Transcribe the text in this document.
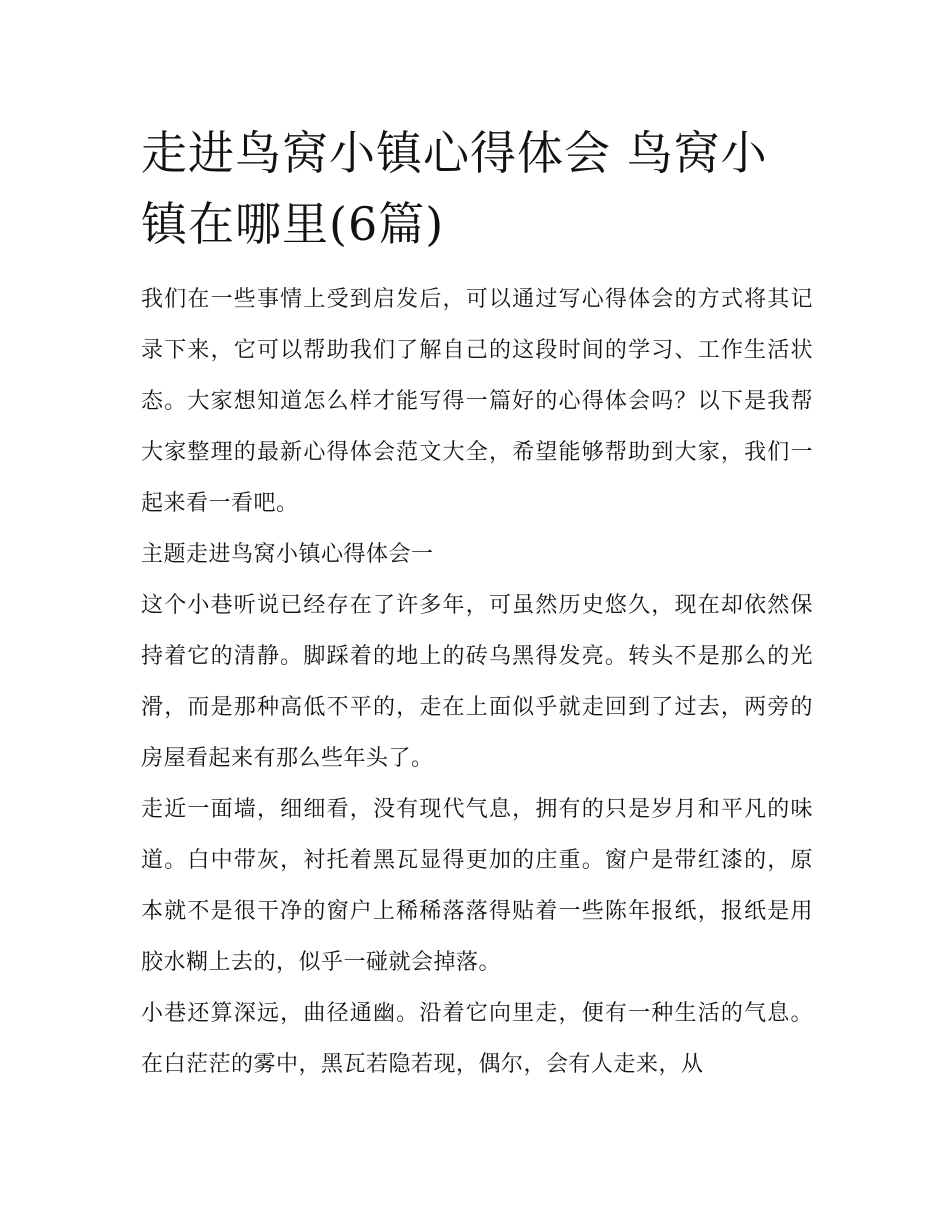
走进鸟窝小镇心得体会 鸟窝小镇在哪里(6篇)

我们在一些事情上受到启发后，可以通过写心得体会的方式将其记录下来，它可以帮助我们了解自己的这段时间的学习、工作生活状态。大家想知道怎么样才能写得一篇好的心得体会吗？以下是我帮大家整理的最新心得体会范文大全，希望能够帮助到大家，我们一起来看一看吧。

主题走进鸟窝小镇心得体会一

这个小巷听说已经存在了许多年，可虽然历史悠久，现在却依然保持着它的清静。脚踩着的地上的砖乌黑得发亮。转头不是那么的光滑，而是那种高低不平的，走在上面似乎就走回到了过去，两旁的房屋看起来有那么些年头了。

走近一面墙，细细看，没有现代气息，拥有的只是岁月和平凡的味道。白中带灰，衬托着黑瓦显得更加的庄重。窗户是带红漆的，原本就不是很干净的窗户上稀稀落落得贴着一些陈年报纸，报纸是用胶水糊上去的，似乎一碰就会掉落。

小巷还算深远，曲径通幽。沿着它向里走，便有一种生活的气息。在白茫茫的雾中，黑瓦若隐若现，偶尔，会有人走来，从
